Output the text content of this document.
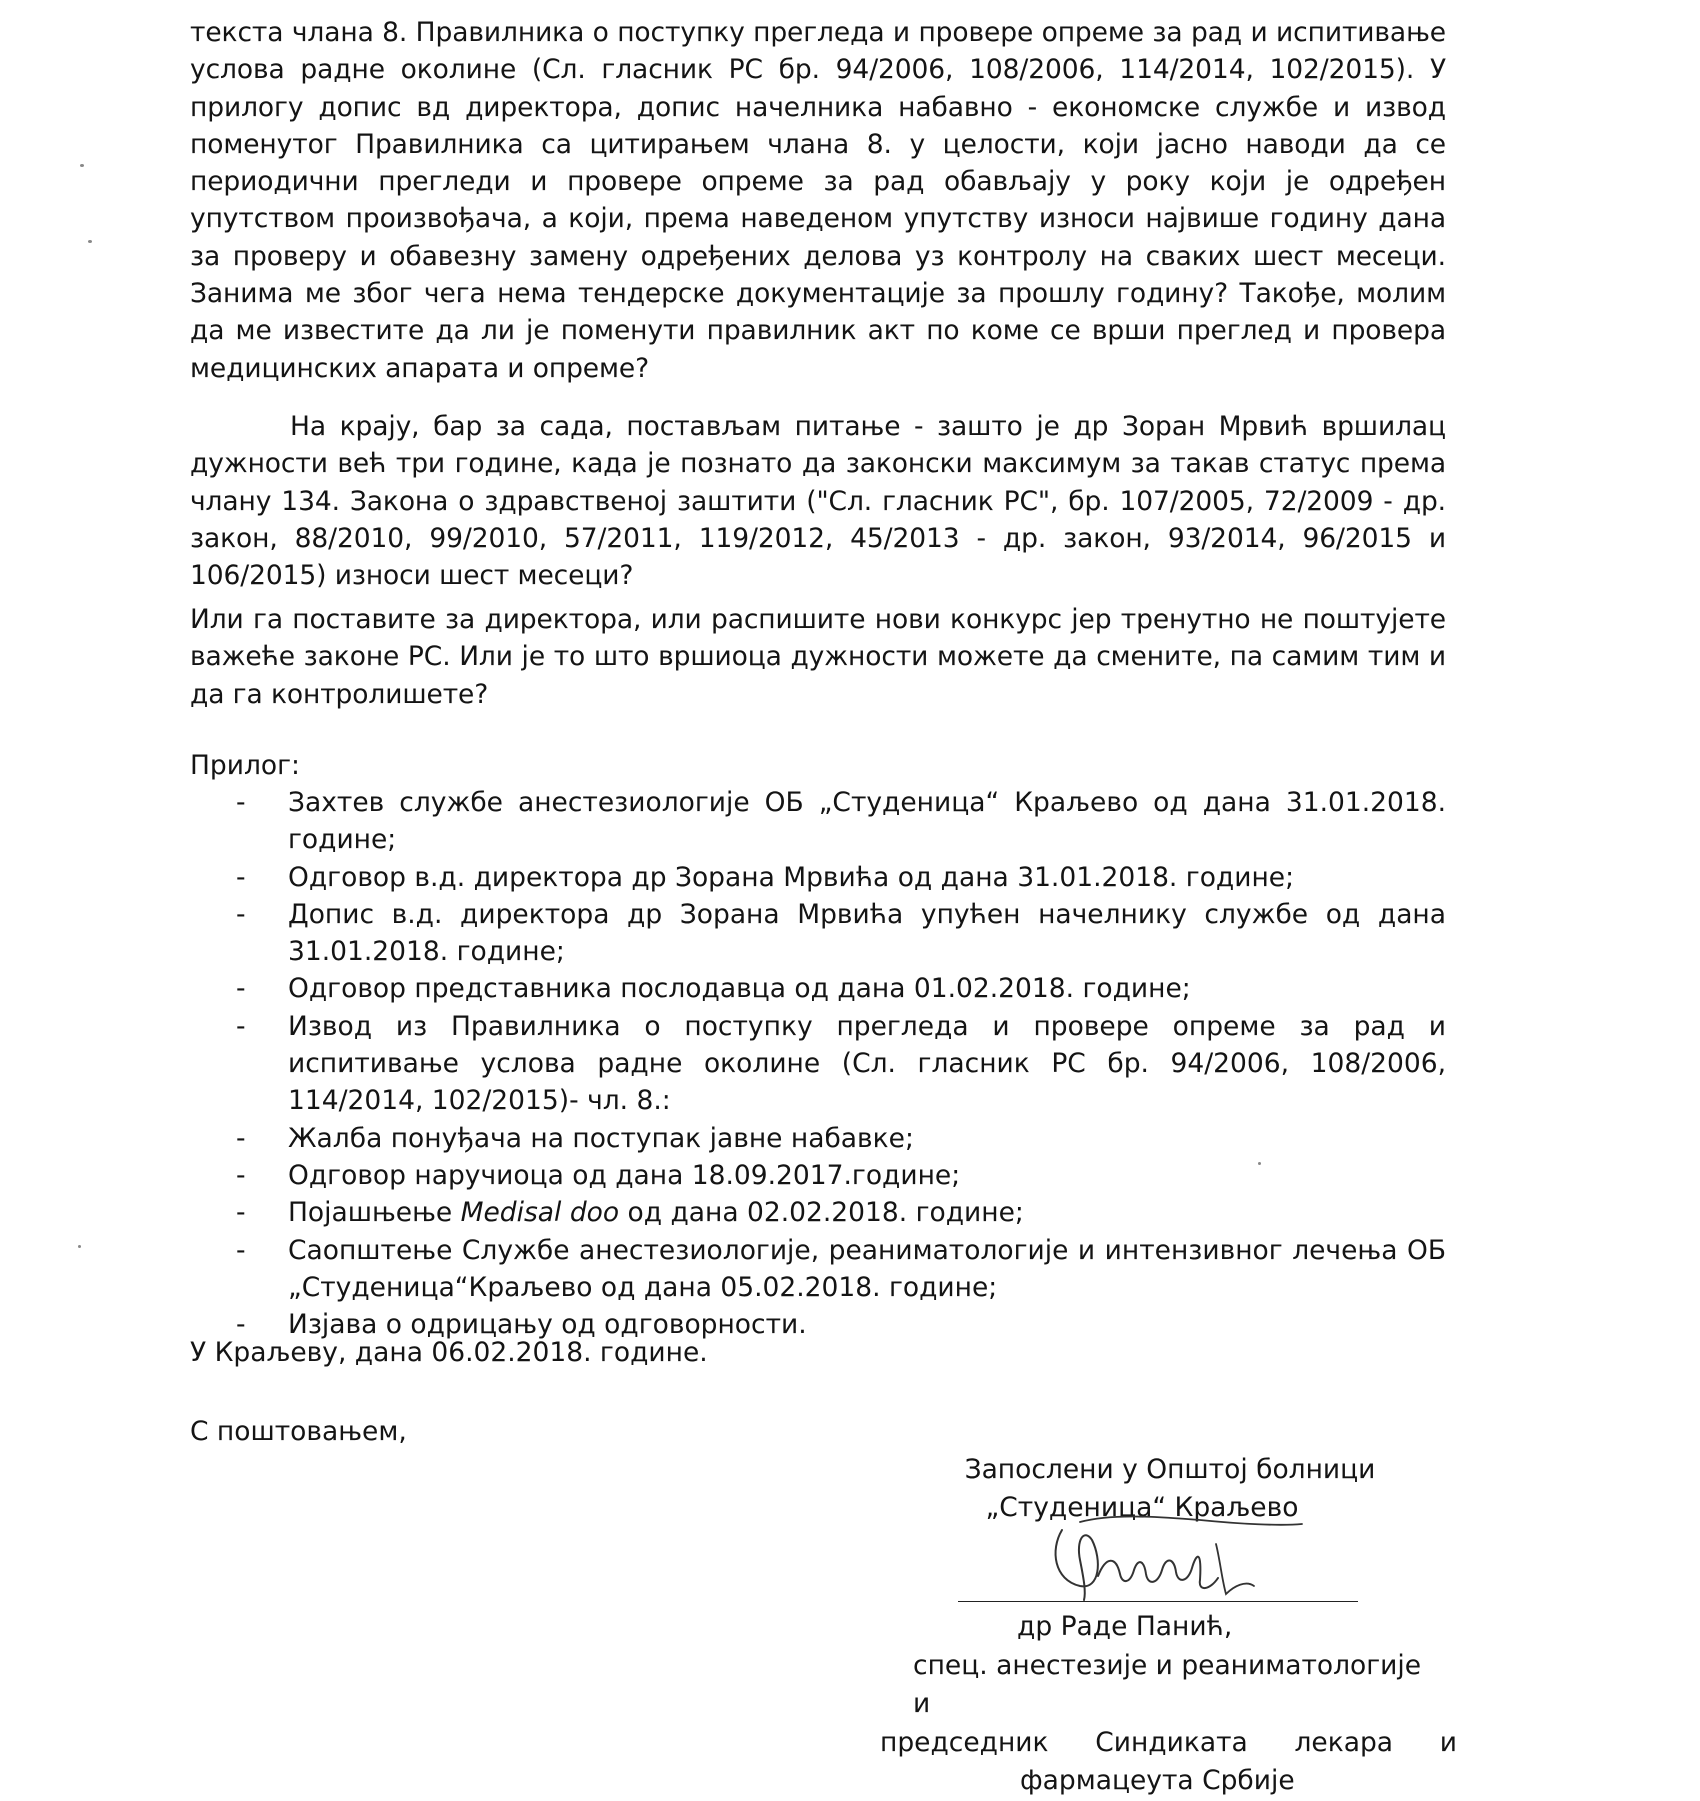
текста члана 8. Правилника о поступку прегледа и провере опреме за рад и испитивање услова радне околине (Сл. гласник РС бр. 94/2006, 108/2006, 114/2014, 102/2015). У прилогу допис вд директора, допис начелника набавно - економске службе и извод поменутог Правилника са цитирањем члана 8. у целости, који јасно наводи да се периодични прегледи и провере опреме за рад обављају у року који је одређен упутством произвођача, а који, према наведеном упутству износи највише годину дана за проверу и обавезну замену одређених делова уз контролу на сваких шест месеци. Занима ме због чега нема тендерске документације за прошлу годину? Такође, молим да ме известите да ли је поменути правилник акт по коме се врши преглед и провера медицинских апарата и опреме?

На крају, бар за сада, постављам питање - зашто је др Зоран Мрвић вршилац дужности већ три године, када је познато да законски максимум за такав статус према члану 134. Закона о здравственој заштити ("Сл. гласник РС", бр. 107/2005, 72/2009 - др. закон, 88/2010, 99/2010, 57/2011, 119/2012, 45/2013 - др. закон, 93/2014, 96/2015 и 106/2015) износи шест месеци?

Или га поставите за директора, или распишите нови конкурс јер тренутно не поштујете важеће законе РС. Или је то што вршиоца дужности можете да смените, па самим тим и да га контролишете?

Прилог:
- Захтев службе анестезиологије ОБ „Студеница“ Краљево од дана 31.01.2018. године;
- Одговор в.д. директора др Зорана Мрвића од дана 31.01.2018. године;
- Допис в.д. директора др Зорана Мрвића упућен начелнику службе од дана 31.01.2018. године;
- Одговор представника послодавца од дана 01.02.2018. године;
- Извод из Правилника о поступку прегледа и провере опреме за рад и испитивање услова радне околине (Сл. гласник РС бр. 94/2006, 108/2006, 114/2014, 102/2015)- чл. 8.:
- Жалба понуђача на поступак јавне набавке;
- Одговор наручиоца од дана 18.09.2017.године;
- Појашњење Medisal doo од дана 02.02.2018. године;
- Саопштење Службе анестезиологије, реаниматологије и интензивног лечења ОБ „Студеница“Краљево од дана 05.02.2018. године;
- Изјава о одрицању од одговорности.
У Краљеву, дана 06.02.2018. године.
С поштовањем,
Запослени у Општој болници
„Студеница“ Краљево
др Раде Панић,
спец. анестезије и реаниматологије и
председник Синдиката лекара и
фармацеута Србије
